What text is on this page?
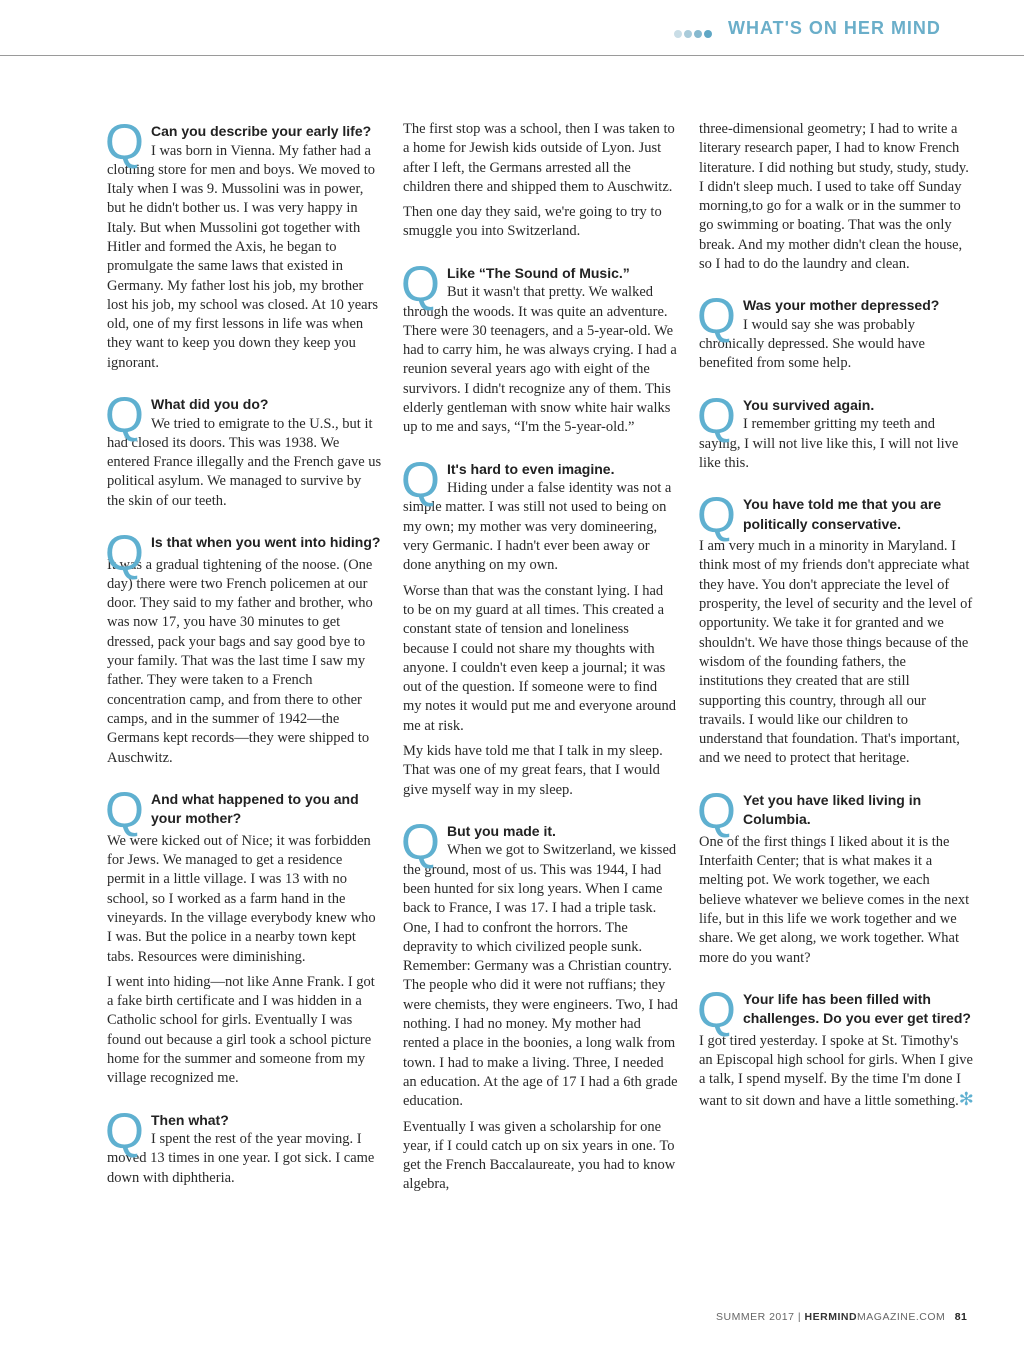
WHAT'S ON HER MIND
Q Can you describe your early life?

I was born in Vienna. My father had a clothing store for men and boys. We moved to Italy when I was 9. Mussolini was in power, but he didn't bother us. I was very happy in Italy. But when Mussolini got together with Hitler and formed the Axis, he began to promulgate the same laws that existed in Germany. My father lost his job, my brother lost his job, my school was closed. At 10 years old, one of my first lessons in life was when they want to keep you down they keep you ignorant.

Q What did you do?

We tried to emigrate to the U.S., but it had closed its doors. This was 1938. We entered France illegally and the French gave us political asylum. We managed to survive by the skin of our teeth.

Q Is that when you went into hiding?

It was a gradual tightening of the noose. (One day) there were two French policemen at our door. They said to my father and brother, who was now 17, you have 30 minutes to get dressed, pack your bags and say good bye to your family. That was the last time I saw my father. They were taken to a French concentration camp, and from there to other camps, and in the summer of 1942—the Germans kept records—they were shipped to Auschwitz.

Q And what happened to you and your mother?

We were kicked out of Nice; it was forbidden for Jews. We managed to get a residence permit in a little village. I was 13 with no school, so I worked as a farm hand in the vineyards. In the village everybody knew who I was. But the police in a nearby town kept tabs. Resources were diminishing.

I went into hiding—not like Anne Frank. I got a fake birth certificate and I was hidden in a Catholic school for girls. Eventually I was found out because a girl took a school picture home for the summer and someone from my village recognized me.

Q Then what?

I spent the rest of the year moving. I moved 13 times in one year. I got sick. I came down with diphtheria.

The first stop was a school, then I was taken to a home for Jewish kids outside of Lyon. Just after I left, the Germans arrested all the children there and shipped them to Auschwitz.

Then one day they said, we're going to try to smuggle you into Switzerland.

Q Like “The Sound of Music.”

But it wasn't that pretty. We walked through the woods. It was quite an adventure. There were 30 teenagers, and a 5-year-old. We had to carry him, he was always crying. I had a reunion several years ago with eight of the survivors. I didn't recognize any of them. This elderly gentleman with snow white hair walks up to me and says, “I'm the 5-year-old.”

Q It's hard to even imagine.

Hiding under a false identity was not a simple matter. I was still not used to being on my own; my mother was very domineering, very Germanic. I hadn't ever been away or done anything on my own.

Worse than that was the constant lying. I had to be on my guard at all times. This created a constant state of tension and loneliness because I could not share my thoughts with anyone. I couldn't even keep a journal; it was out of the question. If someone were to find my notes it would put me and everyone around me at risk.

My kids have told me that I talk in my sleep. That was one of my great fears, that I would give myself way in my sleep.

Q But you made it.

When we got to Switzerland, we kissed the ground, most of us. This was 1944, I had been hunted for six long years. When I came back to France, I was 17. I had a triple task. One, I had to confront the horrors. The depravity to which civilized people sunk. Remember: Germany was a Christian country. The people who did it were not ruffians; they were chemists, they were engineers. Two, I had nothing. I had no money. My mother had rented a place in the boonies, a long walk from town. I had to make a living. Three, I needed an education. At the age of 17 I had a 6th grade education.

Eventually I was given a scholarship for one year, if I could catch up on six years in one. To get the French Baccalaureate, you had to know algebra,

three-dimensional geometry; I had to write a literary research paper, I had to know French literature. I did nothing but study, study, study. I didn't sleep much. I used to take off Sunday morning,to go for a walk or in the summer to go swimming or boating. That was the only break. And my mother didn't clean the house, so I had to do the laundry and clean.

Q Was your mother depressed?

I would say she was probably chronically depressed. She would have benefited from some help.

Q You survived again.

I remember gritting my teeth and saying, I will not live like this, I will not live like this.

Q You have told me that you are politically conservative.

I am very much in a minority in Maryland. I think most of my friends don't appreciate what they have. You don't appreciate the level of prosperity, the level of security and the level of opportunity. We take it for granted and we shouldn't. We have those things because of the wisdom of the founding fathers, the institutions they created that are still supporting this country, through all our travails. I would like our children to understand that foundation. That's important, and we need to protect that heritage.

Q Yet you have liked living in Columbia.

One of the first things I liked about it is the Interfaith Center; that is what makes it a melting pot. We work together, we each believe whatever we believe comes in the next life, but in this life we work together and we share. We get along, we work together. What more do you want?

Q Your life has been filled with challenges. Do you ever get tired?

I got tired yesterday. I spoke at St. Timothy's an Episcopal high school for girls. When I give a talk, I spend myself. By the time I'm done I want to sit down and have a little something.✻

SUMMER 2017 | HERMINDMAGAZINE.COM 81
